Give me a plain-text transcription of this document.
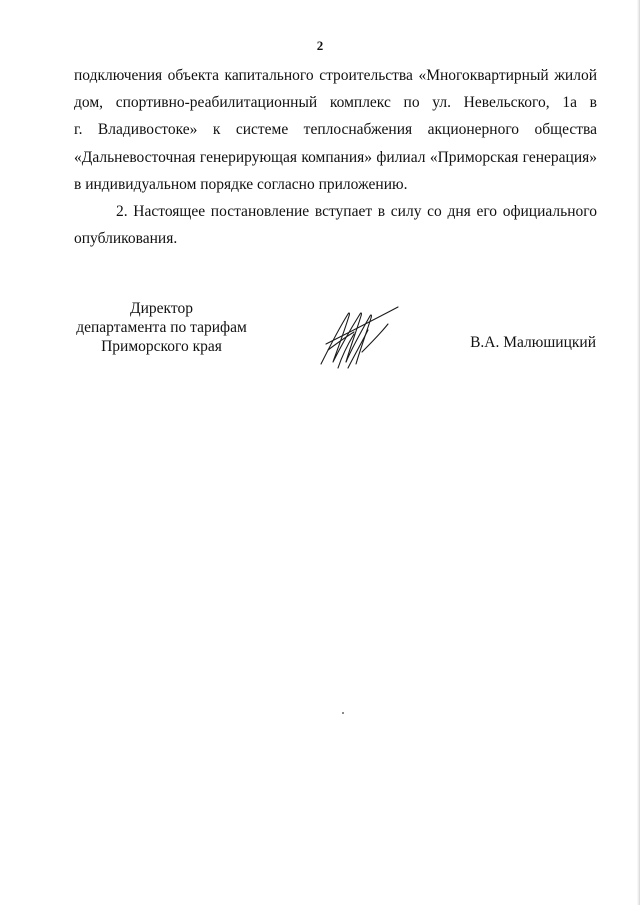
2

подключения объекта капитального строительства «Многоквартирный жилой
дом, спортивно-реабилитационный комплекс по ул. Невельского, 1а в
г. Владивостоке» к системе теплоснабжения акционерного общества
«Дальневосточная генерирующая компания» филиал «Приморская генерация»
в индивидуальном порядке согласно приложению.

2. Настоящее постановление вступает в силу со дня его официального
опубликования.

Директор
департамента по тарифам
Приморского края	В.А. Малюшицкий
